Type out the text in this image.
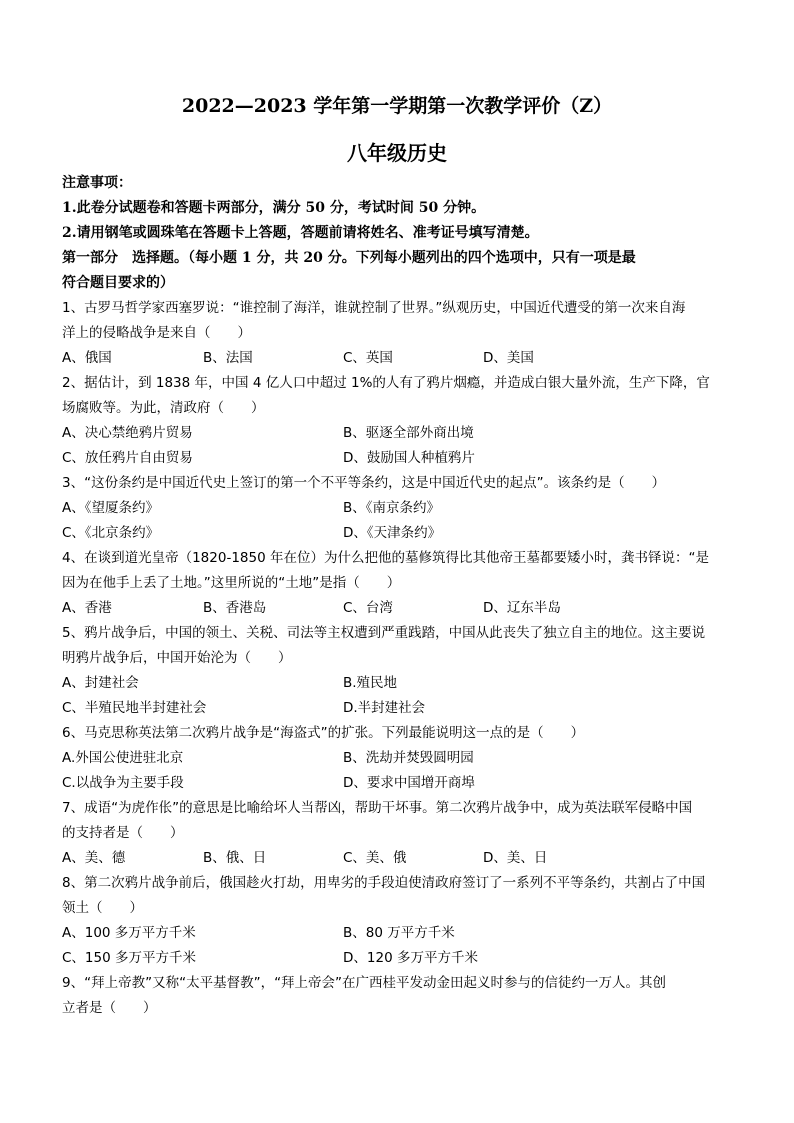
2022—2023 学年第一学期第一次教学评价（Z）
八年级历史
注意事项：
1.此卷分试题卷和答题卡两部分，满分 50 分，考试时间 50 分钟。
2.请用钢笔或圆珠笔在答题卡上答题，答题前请将姓名、准考证号填写清楚。
第一部分　选择题。（每小题 1 分，共 20 分。下列每小题列出的四个选项中，只有一项是最
符合题目要求的）
1、古罗马哲学家西塞罗说：“谁控制了海洋，谁就控制了世界。”纵观历史，中国近代遭受的第一次来自海
洋上的侵略战争是来自（　　）
A、俄国	B、法国	C、英国	D、美国
2、据估计，到 1838 年，中国 4 亿人口中超过 1%的人有了鸦片烟瘾，并造成白银大量外流，生产下降，官
场腐败等。为此，清政府（　　）
A、决心禁绝鸦片贸易	B、驱逐全部外商出境
C、放任鸦片自由贸易	D、鼓励国人种植鸦片
3、“这份条约是中国近代史上签订的第一个不平等条约，这是中国近代史的起点”。该条约是（　　）
A、《望厦条约》	B、《南京条约》
C、《北京条约》	D、《天津条约》
4、在谈到道光皇帝（1820-1850 年在位）为什么把他的墓修筑得比其他帝王墓都要矮小时，龚书铎说：“是
因为在他手上丢了土地。”这里所说的“土地”是指（　　）
A、香港	B、香港岛	C、台湾	D、辽东半岛
5、鸦片战争后，中国的领土、关税、司法等主权遭到严重践踏，中国从此丧失了独立自主的地位。这主要说
明鸦片战争后，中国开始沦为（　　）
A、封建社会	B.殖民地
C、半殖民地半封建社会	D.半封建社会
6、马克思称英法第二次鸦片战争是“海盗式”的扩张。下列最能说明这一点的是（　　）
A.外国公使进驻北京	B、洗劫并焚毁圆明园
C.以战争为主要手段	D、要求中国增开商埠
7、成语“为虎作伥”的意思是比喻给坏人当帮凶，帮助干坏事。第二次鸦片战争中，成为英法联军侵略中国
的支持者是（　　）
A、美、德	B、俄、日	C、美、俄	D、美、日
8、第二次鸦片战争前后，俄国趁火打劫，用卑劣的手段迫使清政府签订了一系列不平等条约，共割占了中国
领土（　　）
A、100 多万平方千米	B、80 万平方千米
C、150 多万平方千米	D、120 多万平方千米
9、“拜上帝教”又称“太平基督教”，“拜上帝会”在广西桂平发动金田起义时参与的信徒约一万人。其创
立者是（　　）
